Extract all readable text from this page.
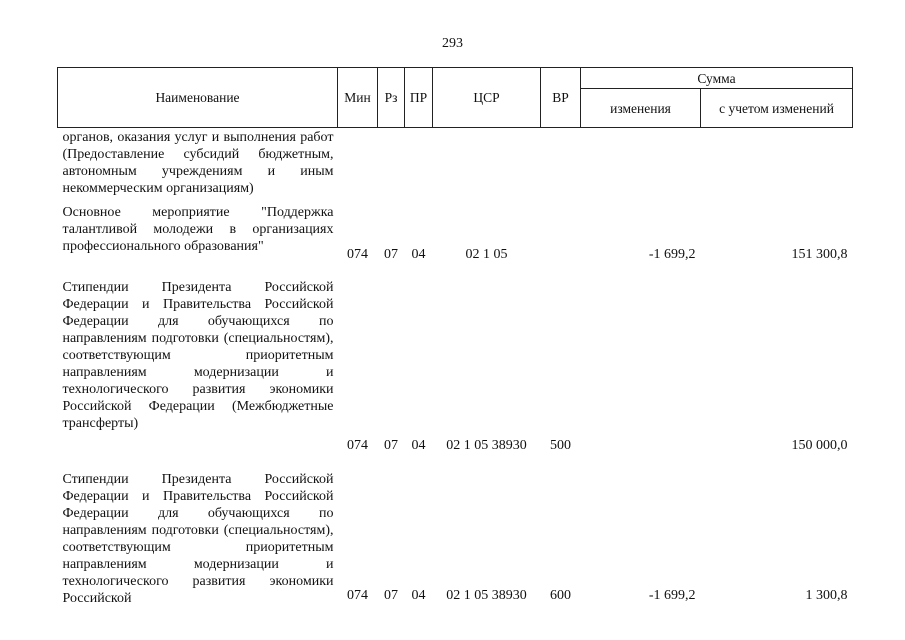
293
Наименование	Мин	Рз	ПР	ЦСР	ВР	Сумма	
						изменения	с учетом изменений
органов, оказания услуг и выполнения работ (Предоставление субсидий бюджетным, автономным учреждениям и иным некоммерческим организациям)							
Основное мероприятие "Поддержка талантливой молодежи в организациях профессионального образования"	074	07	04	02 1 05		-1 699,2	151 300,8
Стипендии Президента Российской Федерации и Правительства Российской Федерации для обучающихся по направлениям подготовки (специальностям), соответствующим приоритетным направлениям модернизации и технологического развития экономики Российской Федерации (Межбюджетные трансферты)	074	07	04	02 1 05 38930	500		150 000,0
Стипендии Президента Российской Федерации и Правительства Российской Федерации для обучающихся по направлениям подготовки (специальностям), соответствующим приоритетным направлениям модернизации и технологического развития экономики Российской	074	07	04	02 1 05 38930	600	-1 699,2	1 300,8
